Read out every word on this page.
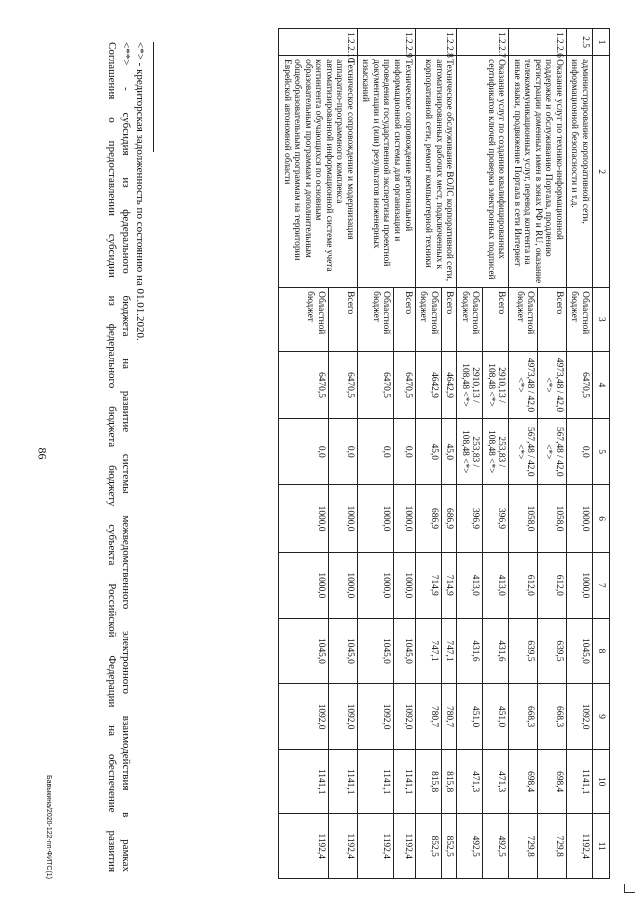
86
1	2	3	4	5	6	7	8	9	10	11
2.5	администрирование корпоративной сети, информационной безопасности и т.д.	Областной бюджет	6470,5	0,0	1000,0	1000,0	1045,0	1092,0	1141,1	1192,4
1.2.2.6	Оказание услуг по технико-информационной поддержке и обслуживанию Портала, продлению регистрации доменных имен в зонах РФ и RU, оказание телекоммуникационных услуг, перевод контента на иные языки, продвижение Портала в сети Интернет	Всего	4973,48 / 42,0 <*>	567,48 / 42,0 <*>	1058,0	612,0	639,5	668,3	698,4	729,8
		Областной бюджет	4973,48 / 42,0 <*>	567,48 / 42,0 <*>	1058,0	612,0	639,5	668,3	698,4	729,8
1.2.2.7	Оказание услуг по созданию квалифицированных сертификатов ключей проверки электронных подписей	Всего	2910,13 / 108,48 <*>	253,83 / 108,48 <*>	396,9	413,0	431,6	451,0	471,3	492,5
		Областной бюджет	2910,13 / 108,48 <*>	253,83 / 108,48 <*>	396,9	413,0	431,6	451,0	471,3	492,5
1.2.2.8	Техническое обслуживание ВОЛС корпоративной сети, автоматизированных рабочих мест, подключенных к корпоративной сети, ремонт компьютерной техники	Всего	4642,9	45,0	686,9	714,9	747,1	780,7	815,8	852,5
		Областной бюджет	4642,9	45,0	686,9	714,9	747,1	780,7	815,8	852,5
1.2.2.9	Техническое сопровождение региональной информационной системы для организации и проведения государственной экспертизы проектной документации и (или) результатов инженерных изысканий	Всего	6470,5	0,0	1000,0	1000,0	1045,0	1092,0	1141,1	1192,4
		Областной бюджет	6470,5	0,0	1000,0	1000,0	1045,0	1092,0	1141,1	1192,4
1.2.2.10	Техническое сопровождение и модернизация аппаратно-программного комплекса автоматизированной информационной системе учета контингента обучающихся по основным образовательным программам и дополнительным общеобразовательным программам на территории Еврейской автономной области	Всего	6470,5	0,0	1000,0	1000,0	1045,0	1092,0	1141,1	1192,4
		Областной бюджет	6470,5	0,0	1000,0	1000,0	1045,0	1092,0	1141,1	1192,4

<*> - кредиторская задолженность по состоянию на 01.01.2020.

<**> - субсидия из федерального бюджета на развитие системы межведомственного электронного взаимодействия в рамках

Соглашения о предоставлении субсидии из федерального бюджета бюджету субъекта Российской Федерации на обеспечение развития

Бавыкина/2020-122-пп-ФИТС(1)
